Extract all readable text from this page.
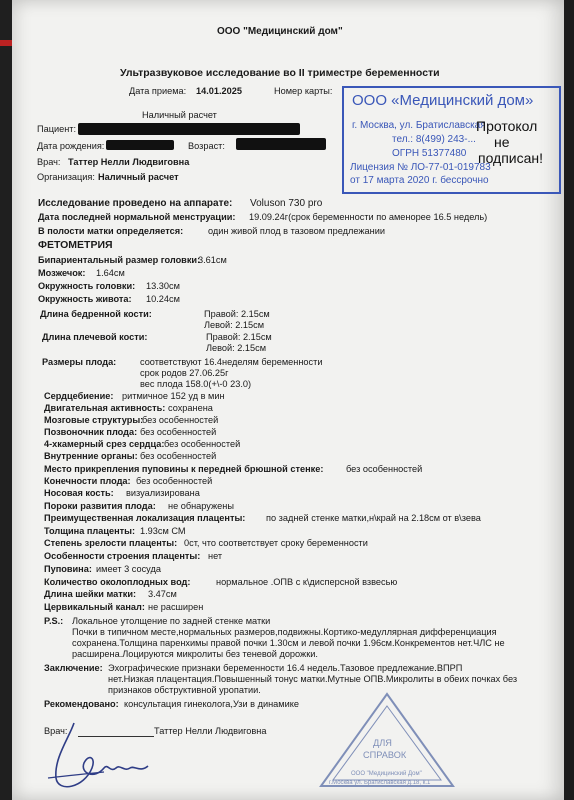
ООО "Медицинский дом"
Ультразвуковое исследование во II триместре беременности
Дата приема: 14.01.2025	Номер карты:
Наличный расчет
Пациент:
Дата рождения:	Возраст:
Врач: Таттер Нелли Людвиговна
Организация: Наличный расчет
Исследование проведено на аппарате: Voluson 730 pro
Дата последней нормальной менструации: 19.09.24г(срок беременности по аменорее 16.5 недель)
В полости матки определяется:	один живой плод в тазовом предлежании
ФЕТОМЕТРИЯ
Бипариентальный размер головки:
3.61см
Мозжечок: 1.64см
Окружность головки: 13.30см
Окружность живота: 10.24см
Длина бедренной кости:	Правой: 2.15см
Левой: 2.15см
Длина плечевой кости:	Правой: 2.15см
Левой: 2.15см
Размеры плода:	соответствуют 16.4неделям беременности
срок родов 27.06.25г
вес плода 158.0(+\-0 23.0)
Сердцебиение: ритмичное 152 уд в мин
Двигательная активность: сохранена
Мозговые структуры:
без особенностей
Позвоночник плода: без особенностей
4-хкамерный срез сердца: без особенностей
Внутренние органы: без особенностей
Место прикрепления пуповины к передней брюшной стенке: без особенностей
Конечности плода: без особенностей
Носовая кость: визуализирована
Пороки развития плода: не обнаружены
Преимущественная локализация плаценты: по задней стенке матки,н\край на 2.18см от в\зева
Толщина плаценты: 1.93см СМ
Степень зрелости плаценты: 0ст, что соответствует сроку беременности
Особенности строения плаценты: нет
Пуповина: имеет 3 сосуда
Количество околоплодных вод:	нормальное .ОПВ с к\дисперсной взвесью
Длина шейки матки: 3.47см
Цервикальный канал: не расширен
P.S.: Локальное утолщение по задней стенке матки
Почки в типичном месте,нормальных размеров,подвижны.Кортико-медуллярная дифференциация
сохранена.Толщина паренхимы правой почки 1.30см и левой почки 1.96см.Конкрементов нет.ЧЛС не
расширена.Лоцируются микролиты без теневой дорожки.
Заключение: Эхографические признаки беременности 16.4 недель.Тазовое предлежание.ВПРП
нет.Низкая плацентация.Повышенный тонус матки.Мутные ОПВ.Микролиты в обеих почках без
признаков обструктивной уропатии.
Рекомендовано: консультация гинеколога,Узи в динамике
Врач:	Таттер Нелли Людвиговна
ООО «Медицинский дом»
г. Москва, ул. Братиславская
тел.: 8(499) 243-...
ОГРН 51377480
Лицензия № ЛО-77-01-019783
от 17 марта 2020 г. бессрочно
Протокол
не
подписан!
ДЛЯ
СПРАВОК
ООО "Медицинский Дом"
г.Москва ул. Братиславская д.18, к.1
